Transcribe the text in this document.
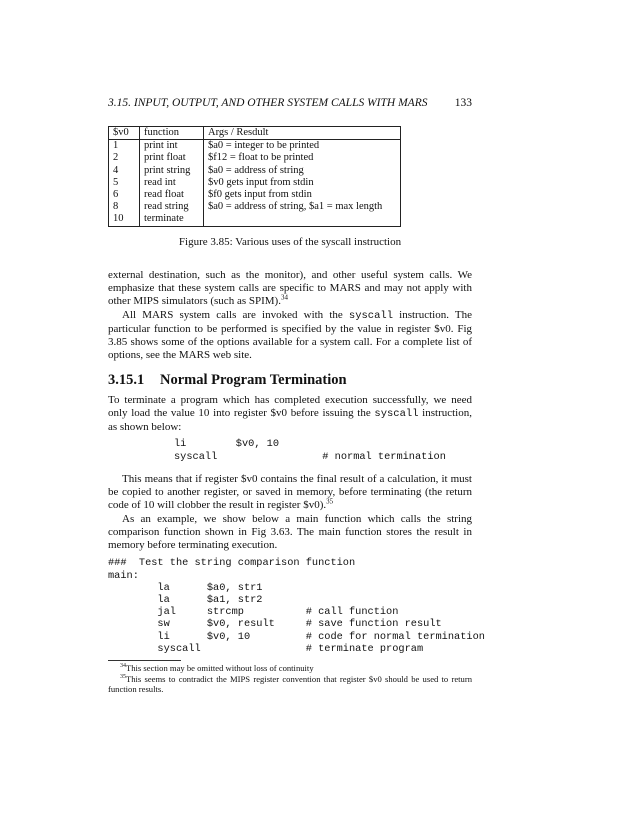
3.15. INPUT, OUTPUT, AND OTHER SYSTEM CALLS WITH MARS 133
$v0	function	Args / Resdult
1	print int	$a0 = integer to be printed
2	print float	$f12 = float to be printed
4	print string	$a0 = address of string
5	read int	$v0 gets input from stdin
6	read float	$f0 gets input from stdin
8	read string	$a0 = address of string, $a1 = max length
10	terminate	
Figure 3.85: Various uses of the syscall instruction

external destination, such as the monitor), and other useful system calls. We emphasize that these system calls are specific to MARS and may not apply with other MIPS simulators (such as SPIM).$^{34}$

All MARS system calls are invoked with the syscall instruction. The particular function to be performed is specified by the value in register $v0. Fig 3.85 shows some of the options available for a system call. For a complete list of options, see the MARS web site.

3.15.1 Normal Program Termination

To terminate a program which has completed execution successfully, we need only load the value 10 into register $v0 before issuing the syscall instruction, as shown below:

li        $v0, 10
syscall                 # normal termination

This means that if register $v0 contains the final result of a calculation, it must be copied to another register, or saved in memory, before terminating (the return code of 10 will clobber the result in register $v0).$^{35}$

As an example, we show below a main function which calls the string comparison function shown in Fig 3.63. The main function stores the result in memory before terminating execution.

###  Test the string comparison function
main:
la      $a0, str1
la      $a1, str2
jal     strcmp          # call function
sw      $v0, result     # save function result
li      $v0, 10         # code for normal termination
syscall                 # terminate program
$^{34}$This section may be omitted without loss of continuity
$^{35}$This seems to contradict the MIPS register convention that register $v0 should be used to return function results.
